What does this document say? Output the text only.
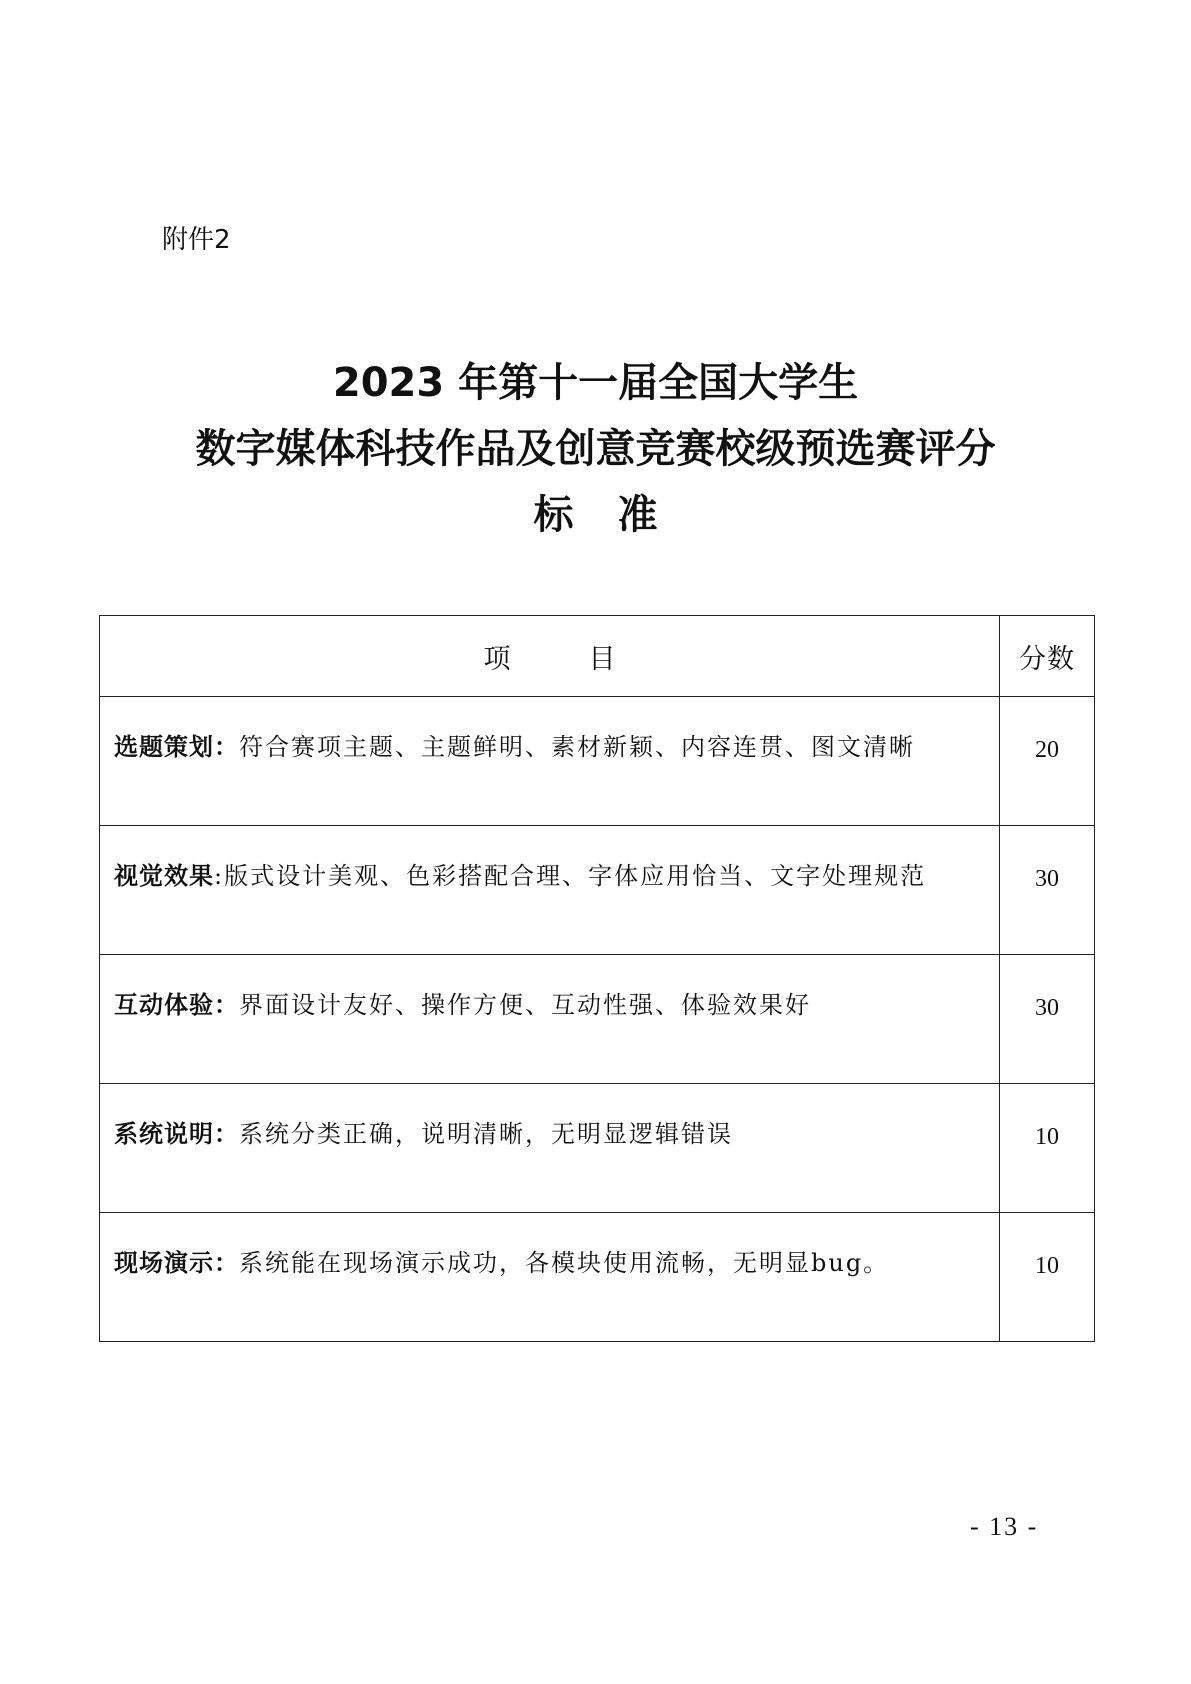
附件2
2023 年第十一届全国大学生
数字媒体科技作品及创意竞赛校级预选赛评分
标准
项目	分数
选题策划：符合赛项主题、主题鲜明、素材新颖、内容连贯、图文清晰	20
视觉效果:版式设计美观、色彩搭配合理、字体应用恰当、文字处理规范	30
互动体验：界面设计友好、操作方便、互动性强、体验效果好	30
系统说明：系统分类正确，说明清晰，无明显逻辑错误	10
现场演示：系统能在现场演示成功，各模块使用流畅，无明显bug。	10
- 13 -
